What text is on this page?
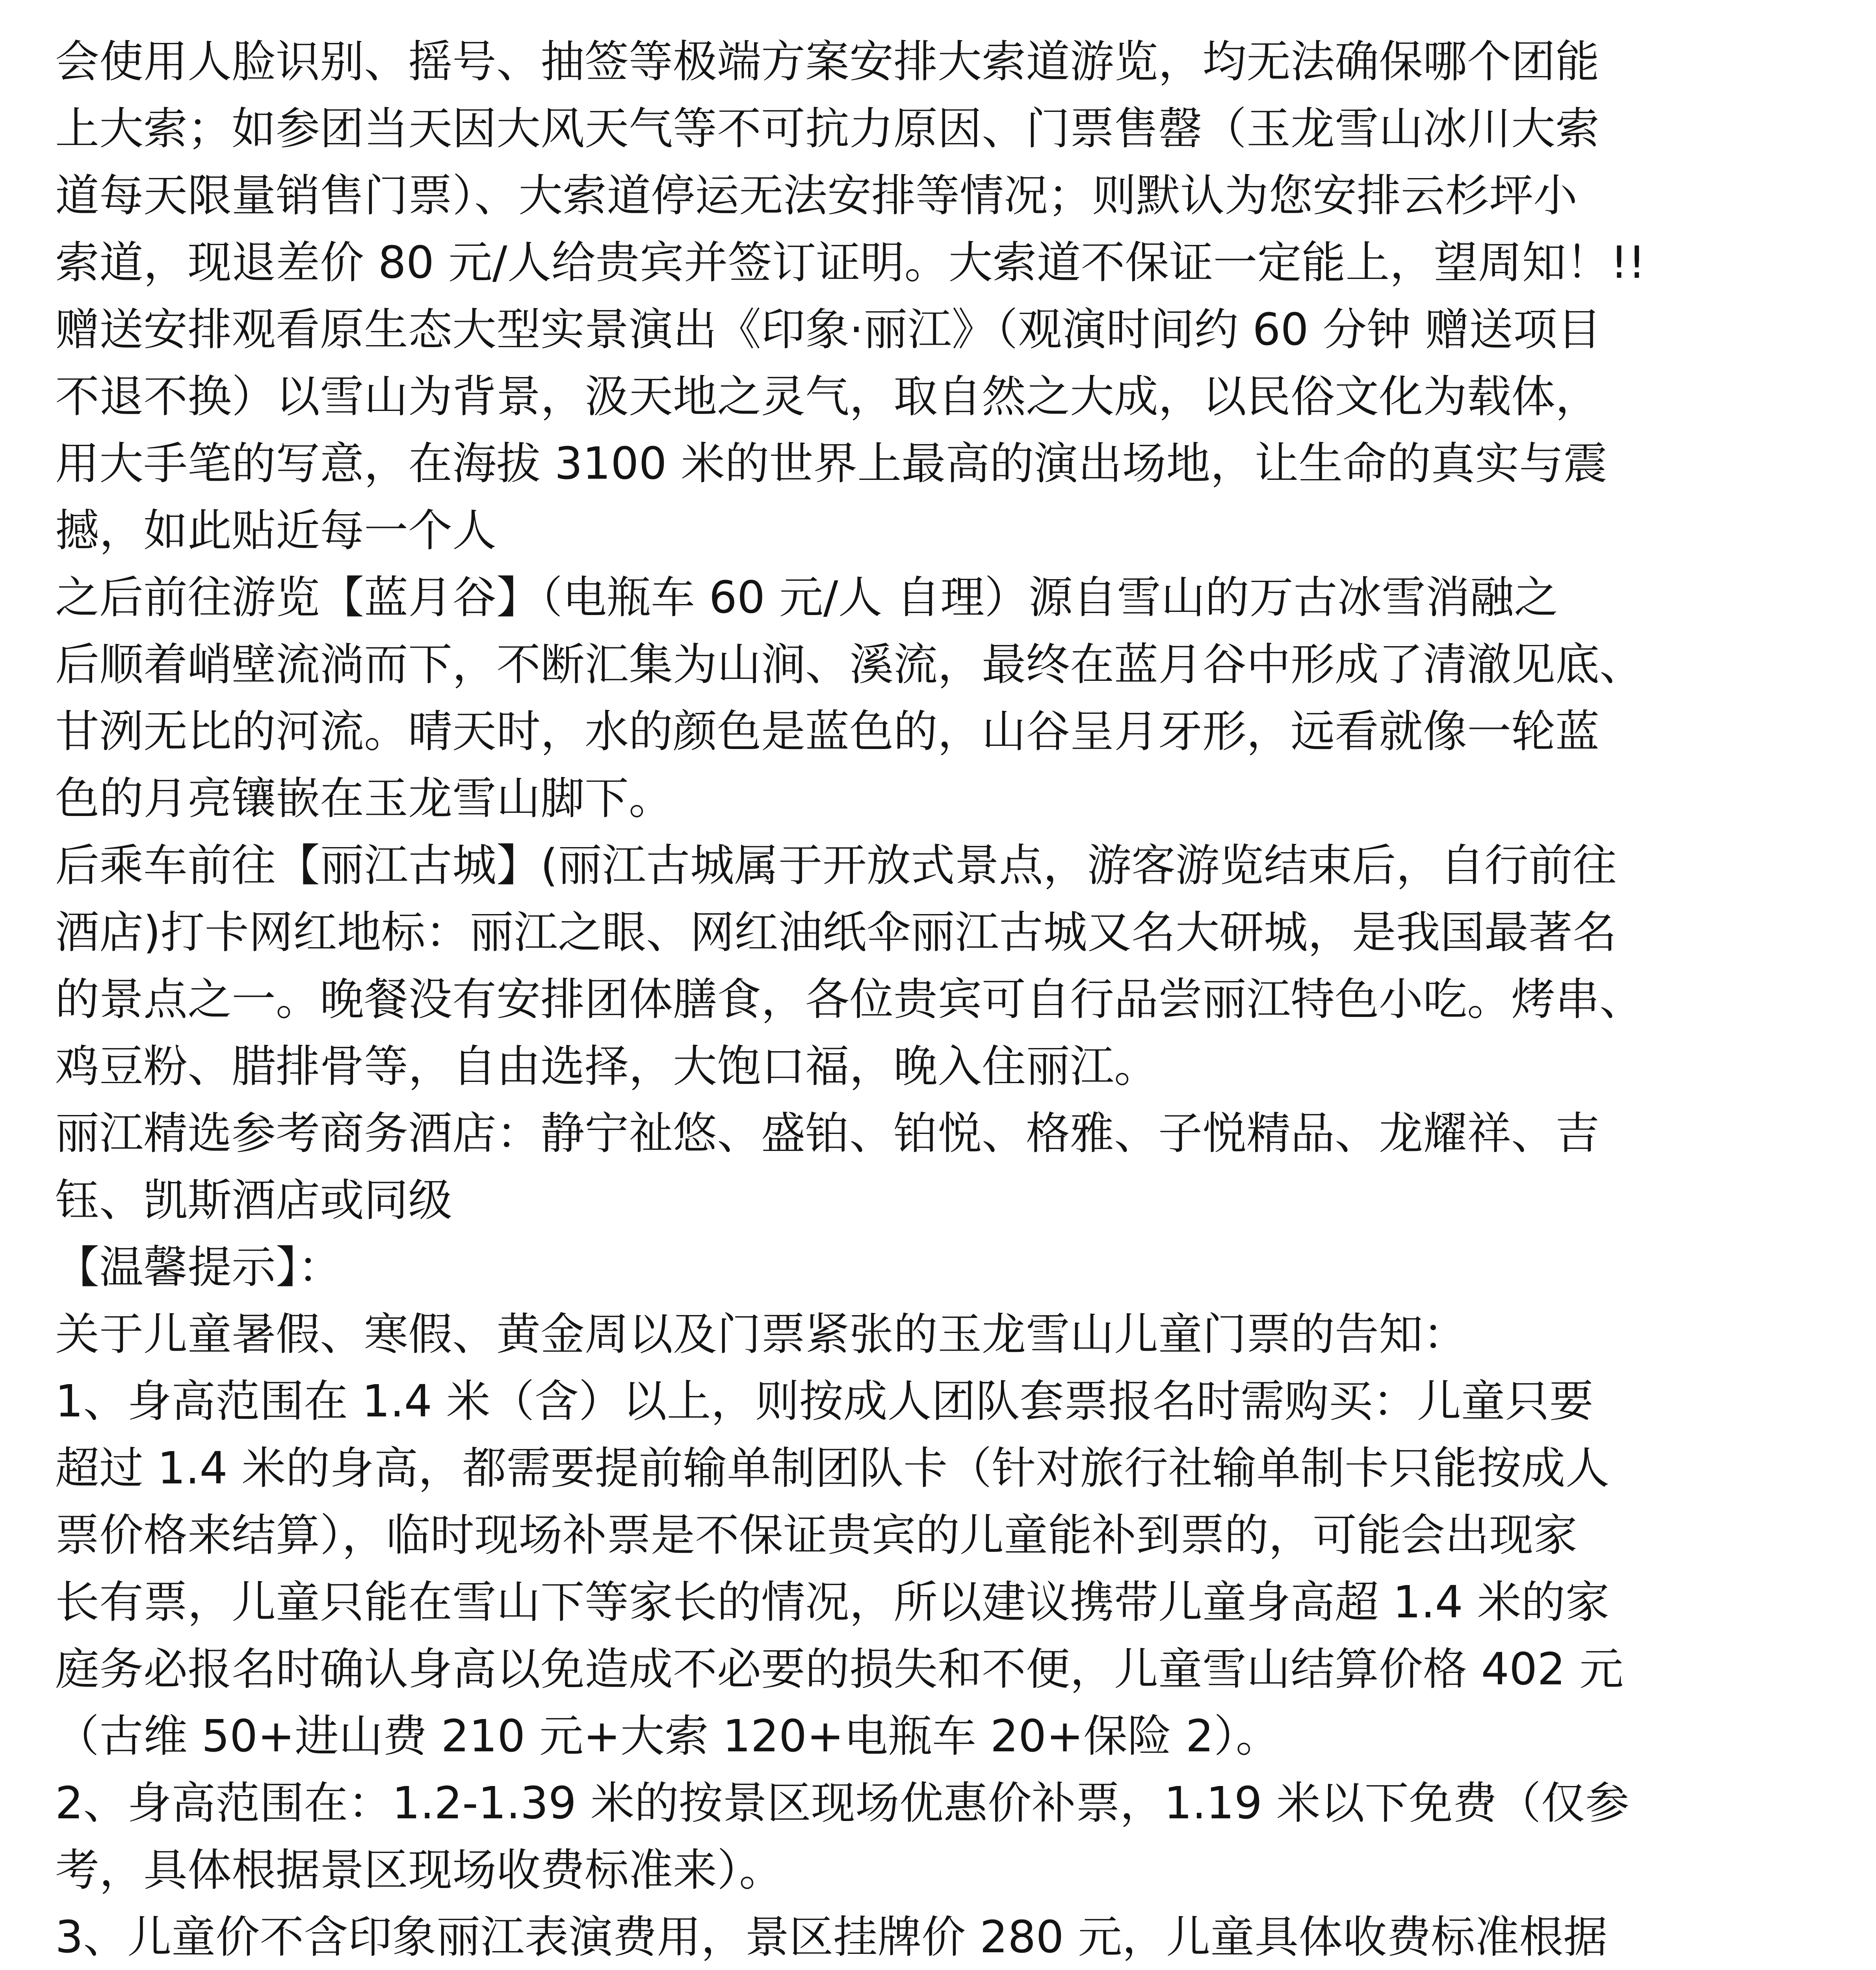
会使用人脸识别、摇号、抽签等极端方案安排大索道游览，均无法确保哪个团能
上大索；如参团当天因大风天气等不可抗力原因、门票售罄（玉龙雪山冰川大索
道每天限量销售门票）、大索道停运无法安排等情况；则默认为您安排云杉坪小
索道，现退差价 80 元/人给贵宾并签订证明。大索道不保证一定能上，望周知！!!
赠送安排观看原生态大型实景演出《印象·丽江》（观演时间约 60 分钟 赠送项目
不退不换）以雪山为背景，汲天地之灵气，取自然之大成，以民俗文化为载体，
用大手笔的写意，在海拔 3100 米的世界上最高的演出场地，让生命的真实与震
撼，如此贴近每一个人
之后前往游览【蓝月谷】（电瓶车 60 元/人 自理）源自雪山的万古冰雪消融之
后顺着峭壁流淌而下，不断汇集为山涧、溪流，最终在蓝月谷中形成了清澈见底、
甘洌无比的河流。晴天时，水的颜色是蓝色的，山谷呈月牙形，远看就像一轮蓝
色的月亮镶嵌在玉龙雪山脚下。
后乘车前往【丽江古城】(丽江古城属于开放式景点，游客游览结束后，自行前往
酒店)打卡网红地标：丽江之眼、网红油纸伞丽江古城又名大研城，是我国最著名
的景点之一。晚餐没有安排团体膳食，各位贵宾可自行品尝丽江特色小吃。烤串、
鸡豆粉、腊排骨等，自由选择，大饱口福，晚入住丽江。
丽江精选参考商务酒店：静宁祉悠、盛铂、铂悦、格雅、子悦精品、龙耀祥、吉
钰、凯斯酒店或同级
【温馨提示】：
关于儿童暑假、寒假、黄金周以及门票紧张的玉龙雪山儿童门票的告知：
1、身高范围在 1.4 米（含）以上，则按成人团队套票报名时需购买：儿童只要
超过 1.4 米的身高，都需要提前输单制团队卡（针对旅行社输单制卡只能按成人
票价格来结算），临时现场补票是不保证贵宾的儿童能补到票的，可能会出现家
长有票，儿童只能在雪山下等家长的情况，所以建议携带儿童身高超 1.4 米的家
庭务必报名时确认身高以免造成不必要的损失和不便，儿童雪山结算价格 402 元
（古维 50+进山费 210 元+大索 120+电瓶车 20+保险 2）。
2、身高范围在：1.2-1.39 米的按景区现场优惠价补票，1.19 米以下免费（仅参
考，具体根据景区现场收费标准来）。
3、儿童价不含印象丽江表演费用，景区挂牌价 280 元，儿童具体收费标准根据
